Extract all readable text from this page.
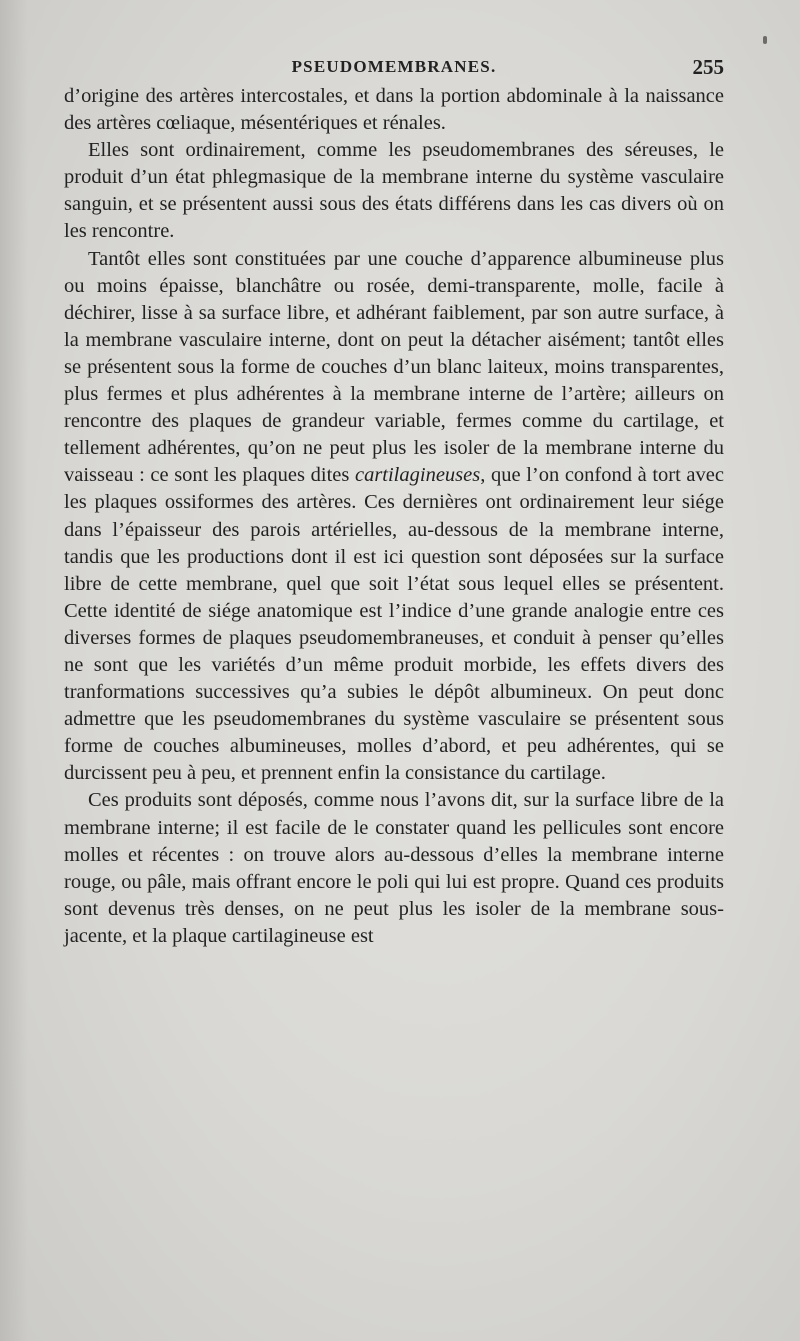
PSEUDOMEMBRANES.	255

d’origine des artères intercostales, et dans la portion abdominale à la naissance des artères cœliaque, mésentériques et rénales.

Elles sont ordinairement, comme les pseudomembranes des séreuses, le produit d’un état phlegmasique de la membrane interne du système vasculaire sanguin, et se présentent aussi sous des états différens dans les cas divers où on les rencontre.

Tantôt elles sont constituées par une couche d’apparence albumineuse plus ou moins épaisse, blanchâtre ou rosée, demi-transparente, molle, facile à déchirer, lisse à sa surface libre, et adhérant faiblement, par son autre surface, à la membrane vasculaire interne, dont on peut la détacher aisément; tantôt elles se présentent sous la forme de couches d’un blanc laiteux, moins transparentes, plus fermes et plus adhérentes à la membrane interne de l’artère; ailleurs on rencontre des plaques de grandeur variable, fermes comme du cartilage, et tellement adhérentes, qu’on ne peut plus les isoler de la membrane interne du vaisseau : ce sont les plaques dites cartilagineuses, que l’on confond à tort avec les plaques ossiformes des artères. Ces dernières ont ordinairement leur siége dans l’épaisseur des parois artérielles, au-dessous de la membrane interne, tandis que les productions dont il est ici question sont déposées sur la surface libre de cette membrane, quel que soit l’état sous lequel elles se présentent. Cette identité de siége anatomique est l’indice d’une grande analogie entre ces diverses formes de plaques pseudomembraneuses, et conduit à penser qu’elles ne sont que les variétés d’un même produit morbide, les effets divers des tranformations successives qu’a subies le dépôt albumineux. On peut donc admettre que les pseudomembranes du système vasculaire se présentent sous forme de couches albumineuses, molles d’abord, et peu adhérentes, qui se durcissent peu à peu, et prennent enfin la consistance du cartilage.

Ces produits sont déposés, comme nous l’avons dit, sur la surface libre de la membrane interne; il est facile de le constater quand les pellicules sont encore molles et récentes : on trouve alors au-dessous d’elles la membrane interne rouge, ou pâle, mais offrant encore le poli qui lui est propre. Quand ces produits sont devenus très denses, on ne peut plus les isoler de la membrane sous-jacente, et la plaque cartilagineuse est
